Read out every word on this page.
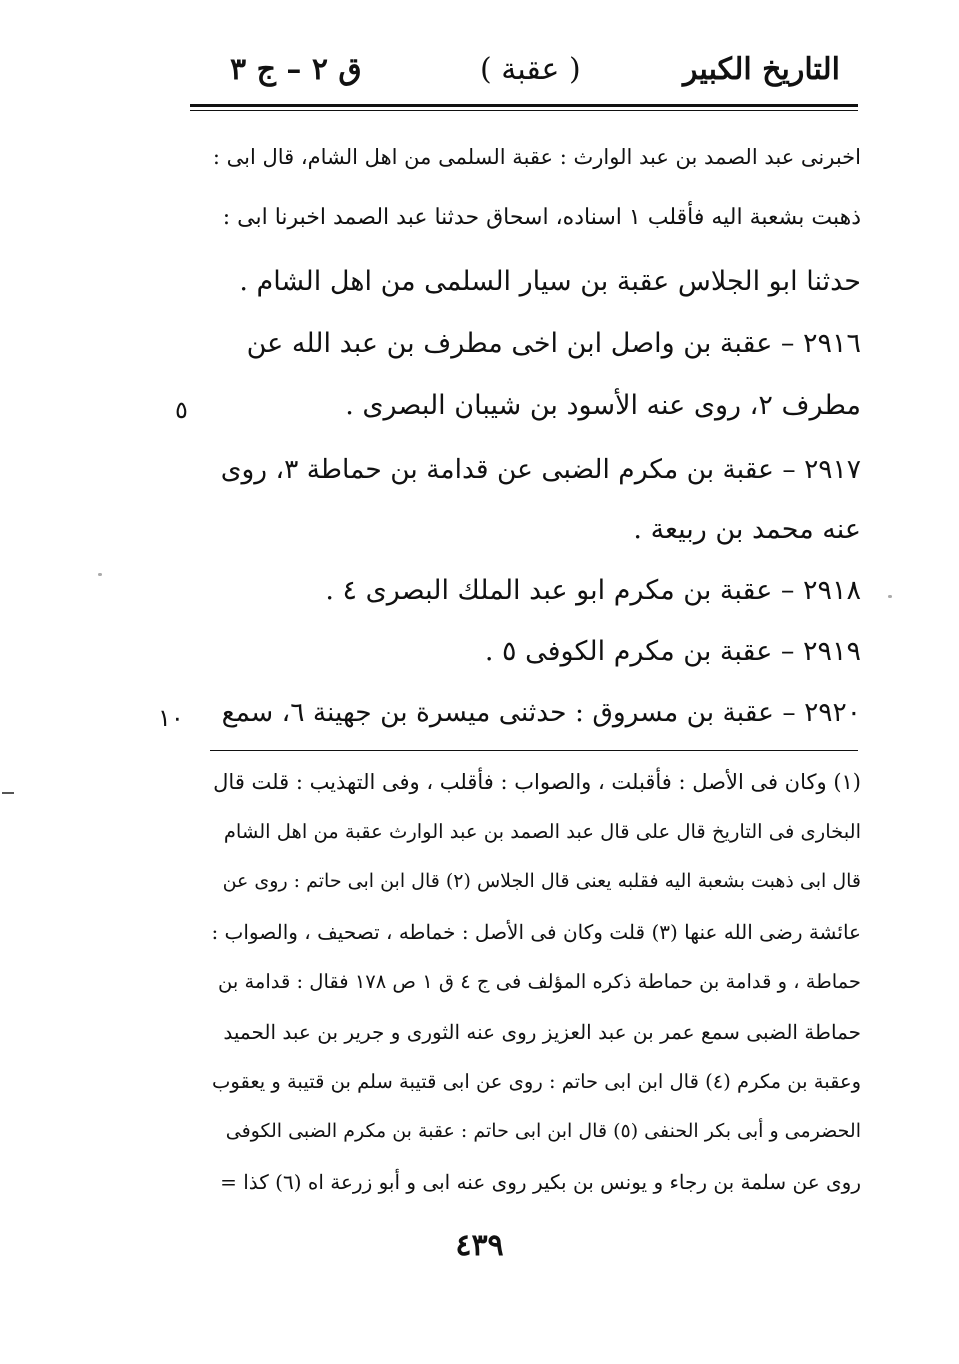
التاريخ الكبير
( عقبة )
ق ٢ – ج ٣
اخبرنى عبد الصمد بن عبد الوارث : عقبة السلمى من اهل الشام، قال ابى :
ذهبت بشعبة اليه فأقلب ١ اسناده، اسحاق حدثنا عبد الصمد اخبرنا ابى :
حدثنا ابو الجلاس عقبة بن سيار السلمى من اهل الشام .
٢٩١٦ – عقبة بن واصل ابن اخى مطرف بن عبد الله عن
مطرف ٢، روى عنه الأسود بن شيبان البصرى .
٢٩١٧ – عقبة بن مكرم الضبى عن قدامة بن حماطة ٣، روى
عنه محمد بن ربيعة .
٢٩١٨ – عقبة بن مكرم ابو عبد الملك البصرى ٤ .
٢٩١٩ – عقبة بن مكرم الكوفى ٥ .
٢٩٢٠ – عقبة بن مسروق : حدثنى ميسرة بن جهينة ٦، سمع
٥
١٠
(١) وكان فى الأصل : فأقبلت ، والصواب : فأقلب ، وفى التهذيب : قلت قال
البخارى فى التاريخ قال على قال عبد الصمد بن عبد الوارث عقبة من اهل الشام
قال ابى ذهبت بشعبة اليه فقلبه يعنى قال الجلاس (٢) قال ابن ابى حاتم : روى عن
عائشة رضى الله عنها (٣) قلت وكان فى الأصل : خماطه ، تصحيف ، والصواب :
حماطة ، و قدامة بن حماطة ذكره المؤلف فى ج ٤ ق ١ ص ١٧٨ فقال : قدامة بن
حماطة الضبى سمع عمر بن عبد العزيز روى عنه الثورى و جرير بن عبد الحميد
وعقبة بن مكرم (٤) قال ابن ابى حاتم : روى عن ابى قتيبة سلم بن قتيبة و يعقوب
الحضرمى و أبى بكر الحنفى (٥) قال ابن ابى حاتم : عقبة بن مكرم الضبى الكوفى
روى عن سلمة بن رجاء و يونس بن بكير روى عنه ابى و أبو زرعة اه (٦) كذا =
٤٣٩
